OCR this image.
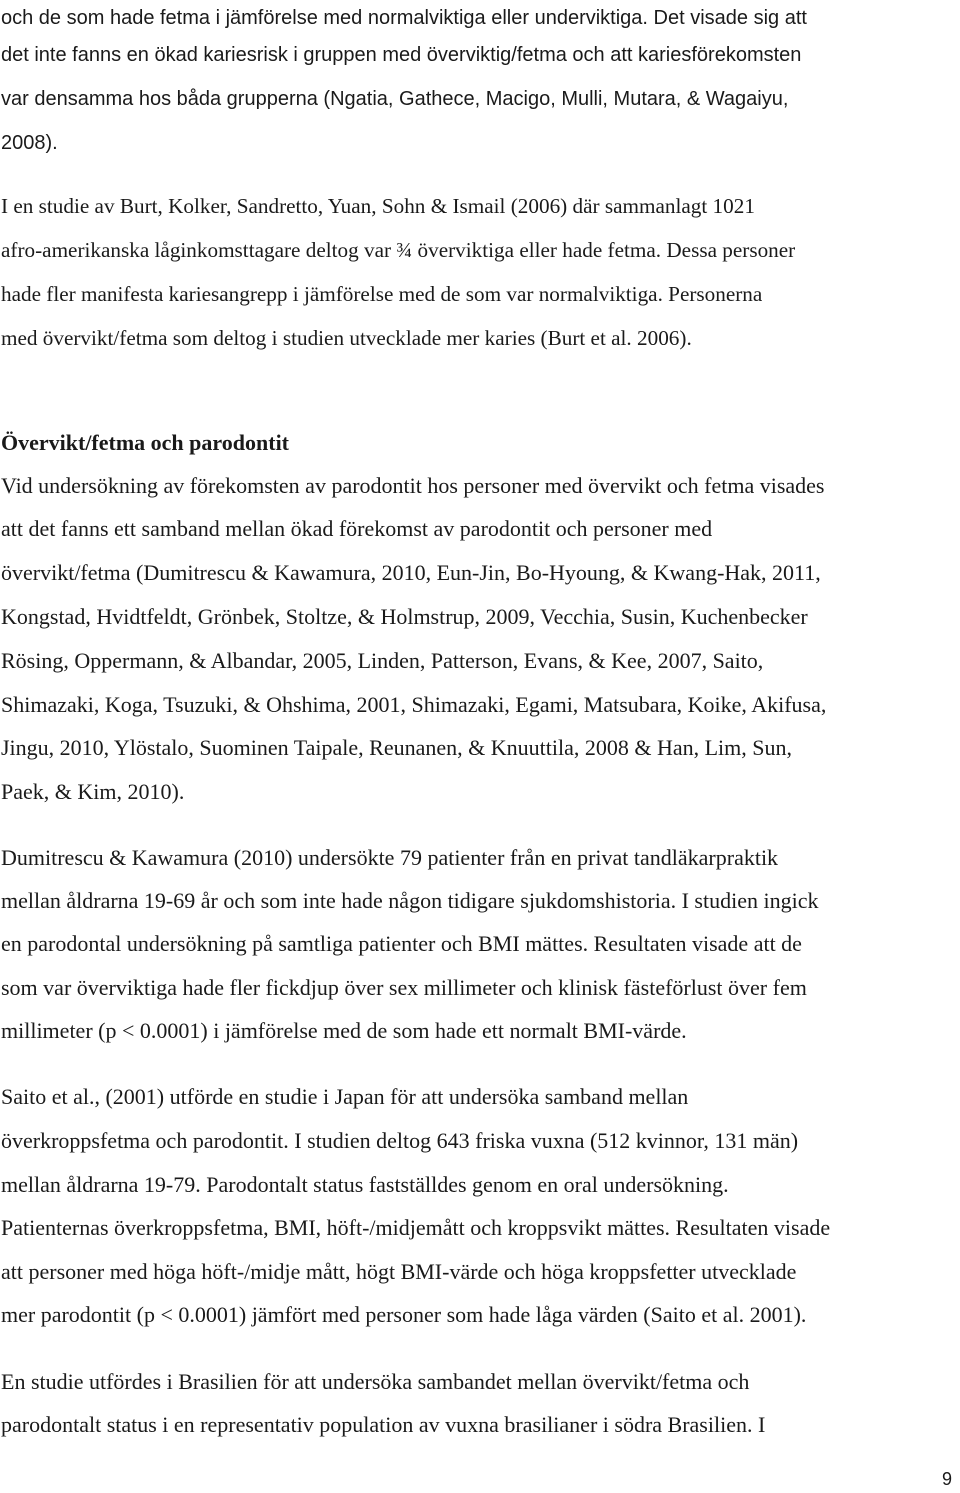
och de som hade fetma i jämförelse med normalviktiga eller underviktiga. Det visade sig att
det inte fanns en ökad kariesrisk i gruppen med överviktig/fetma och att kariesförekomsten
var densamma hos båda grupperna (Ngatia, Gathece, Macigo, Mulli, Mutara, & Wagaiyu,
2008).
I en studie av Burt, Kolker, Sandretto, Yuan, Sohn & Ismail (2006) där sammanlagt 1021
afro-amerikanska låginkomsttagare deltog var ¾ överviktiga eller hade fetma. Dessa personer
hade fler manifesta kariesangrepp i jämförelse med de som var normalviktiga. Personerna
med övervikt/fetma som deltog i studien utvecklade mer karies (Burt et al. 2006).
Övervikt/fetma och parodontit
Vid undersökning av förekomsten av parodontit hos personer med övervikt och fetma visades
att det fanns ett samband mellan ökad förekomst av parodontit och personer med
övervikt/fetma (Dumitrescu & Kawamura, 2010, Eun-Jin, Bo-Hyoung, & Kwang-Hak, 2011,
Kongstad, Hvidtfeldt, Grönbek, Stoltze, & Holmstrup, 2009, Vecchia, Susin, Kuchenbecker
Rösing, Oppermann, & Albandar, 2005, Linden, Patterson, Evans, & Kee, 2007, Saito,
Shimazaki, Koga, Tsuzuki, & Ohshima, 2001, Shimazaki, Egami, Matsubara, Koike, Akifusa,
Jingu, 2010, Ylöstalo, Suominen Taipale, Reunanen, & Knuuttila, 2008 & Han, Lim, Sun,
Paek, & Kim, 2010).
Dumitrescu & Kawamura (2010) undersökte 79 patienter från en privat tandläkarpraktik
mellan åldrarna 19-69 år och som inte hade någon tidigare sjukdomshistoria. I studien ingick
en parodontal undersökning på samtliga patienter och BMI mättes. Resultaten visade att de
som var överviktiga hade fler fickdjup över sex millimeter och klinisk fästeförlust över fem
millimeter (p < 0.0001) i jämförelse med de som hade ett normalt BMI-värde.
Saito et al., (2001) utförde en studie i Japan för att undersöka samband mellan
överkroppsfetma och parodontit. I studien deltog 643 friska vuxna (512 kvinnor, 131 män)
mellan åldrarna 19-79. Parodontalt status fastställdes genom en oral undersökning.
Patienternas överkroppsfetma, BMI, höft-/midjemått och kroppsvikt mättes. Resultaten visade
att personer med höga höft-/midje mått, högt BMI-värde och höga kroppsfetter utvecklade
mer parodontit (p < 0.0001) jämfört med personer som hade låga värden (Saito et al. 2001).
En studie utfördes i Brasilien för att undersöka sambandet mellan övervikt/fetma och
parodontalt status i en representativ population av vuxna brasilianer i södra Brasilien. I
9
